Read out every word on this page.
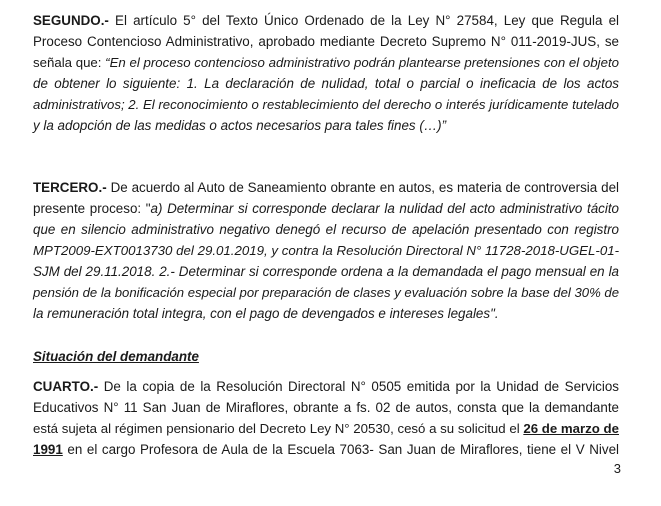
SEGUNDO.- El artículo 5° del Texto Único Ordenado de la Ley N° 27584, Ley que Regula el
Proceso Contencioso Administrativo, aprobado mediante Decreto Supremo N° 011-2019-JUS, se
señala que: “En el proceso contencioso administrativo podrán plantearse pretensiones con el objeto
de obtener lo siguiente: 1. La declaración de nulidad, total o parcial o ineficacia de los actos
administrativos; 2. El reconocimiento o restablecimiento del derecho o interés jurídicamente tutelado
y la adopción de las medidas o actos necesarios para tales fines (…)”

TERCERO.- De acuerdo al Auto de Saneamiento obrante en autos, es materia de controversia del
presente proceso: "a) Determinar si corresponde declarar la nulidad del acto administrativo tácito
que en silencio administrativo negativo denegó el recurso de apelación presentado con registro
MPT2009-EXT0013730 del 29.01.2019, y contra la Resolución Directoral N° 11728-2018-UGEL-01-
SJM del 29.11.2018. 2.- Determinar si corresponde ordena a la demandada el pago mensual en la
pensión de la bonificación especial por preparación de clases y evaluación sobre la base del 30% de
la remuneración total integra, con el pago de devengados e intereses legales".

Situación del demandante

CUARTO.- De la copia de la Resolución Directoral N° 0505 emitida por la Unidad de Servicios
Educativos N° 11 San Juan de Miraflores, obrante a fs. 02 de autos, consta que la demandante
está sujeta al régimen pensionario del Decreto Ley N° 20530, cesó a su solicitud el 26 de marzo de
1991 en el cargo Profesora de Aula de la Escuela 7063- San Juan de Miraflores, tiene el V Nivel

3
